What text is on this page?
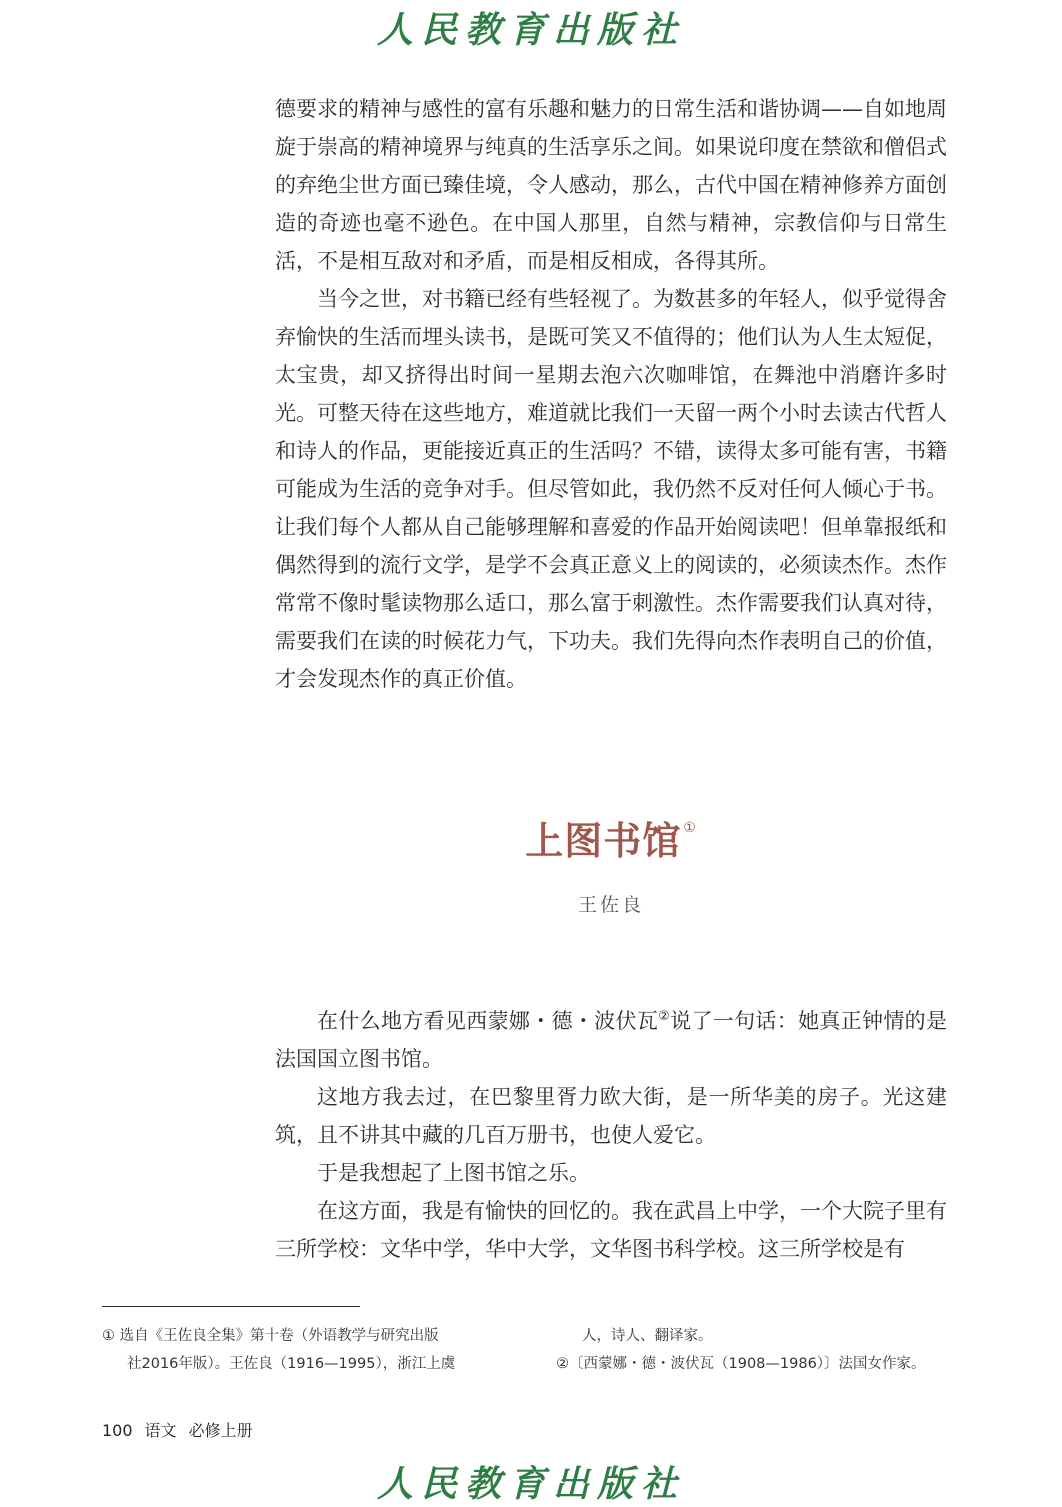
人民教育出版社

德要求的精神与感性的富有乐趣和魅力的日常生活和谐协调——自如地周旋于崇高的精神境界与纯真的生活享乐之间。如果说印度在禁欲和僧侣式的弃绝尘世方面已臻佳境，令人感动，那么，古代中国在精神修养方面创造的奇迹也毫不逊色。在中国人那里，自然与精神，宗教信仰与日常生活，不是相互敌对和矛盾，而是相反相成，各得其所。

当今之世，对书籍已经有些轻视了。为数甚多的年轻人，似乎觉得舍弃愉快的生活而埋头读书，是既可笑又不值得的；他们认为人生太短促，太宝贵，却又挤得出时间一星期去泡六次咖啡馆，在舞池中消磨许多时光。可整天待在这些地方，难道就比我们一天留一两个小时去读古代哲人和诗人的作品，更能接近真正的生活吗？不错，读得太多可能有害，书籍可能成为生活的竞争对手。但尽管如此，我仍然不反对任何人倾心于书。让我们每个人都从自己能够理解和喜爱的作品开始阅读吧！但单靠报纸和偶然得到的流行文学，是学不会真正意义上的阅读的，必须读杰作。杰作常常不像时髦读物那么适口，那么富于刺激性。杰作需要我们认真对待，需要我们在读的时候花力气，下功夫。我们先得向杰作表明自己的价值，才会发现杰作的真正价值。

上图书馆 ①
王佐良

在什么地方看见西蒙娜・德・波伏瓦②说了一句话：她真正钟情的是法国国立图书馆。

这地方我去过，在巴黎里胥力欧大街，是一所华美的房子。光这建筑，且不讲其中藏的几百万册书，也使人爱它。

于是我想起了上图书馆之乐。

在这方面，我是有愉快的回忆的。我在武昌上中学，一个大院子里有三所学校：文华中学，华中大学，文华图书科学校。这三所学校是有

① 选自《王佐良全集》第十卷（外语教学与研究出版
社2016年版）。王佐良（1916—1995），浙江上虞
人，诗人、翻译家。
②〔西蒙娜・德・波伏瓦（1908—1986）〕法国女作家。
100 语文 必修上册
人民教育出版社
